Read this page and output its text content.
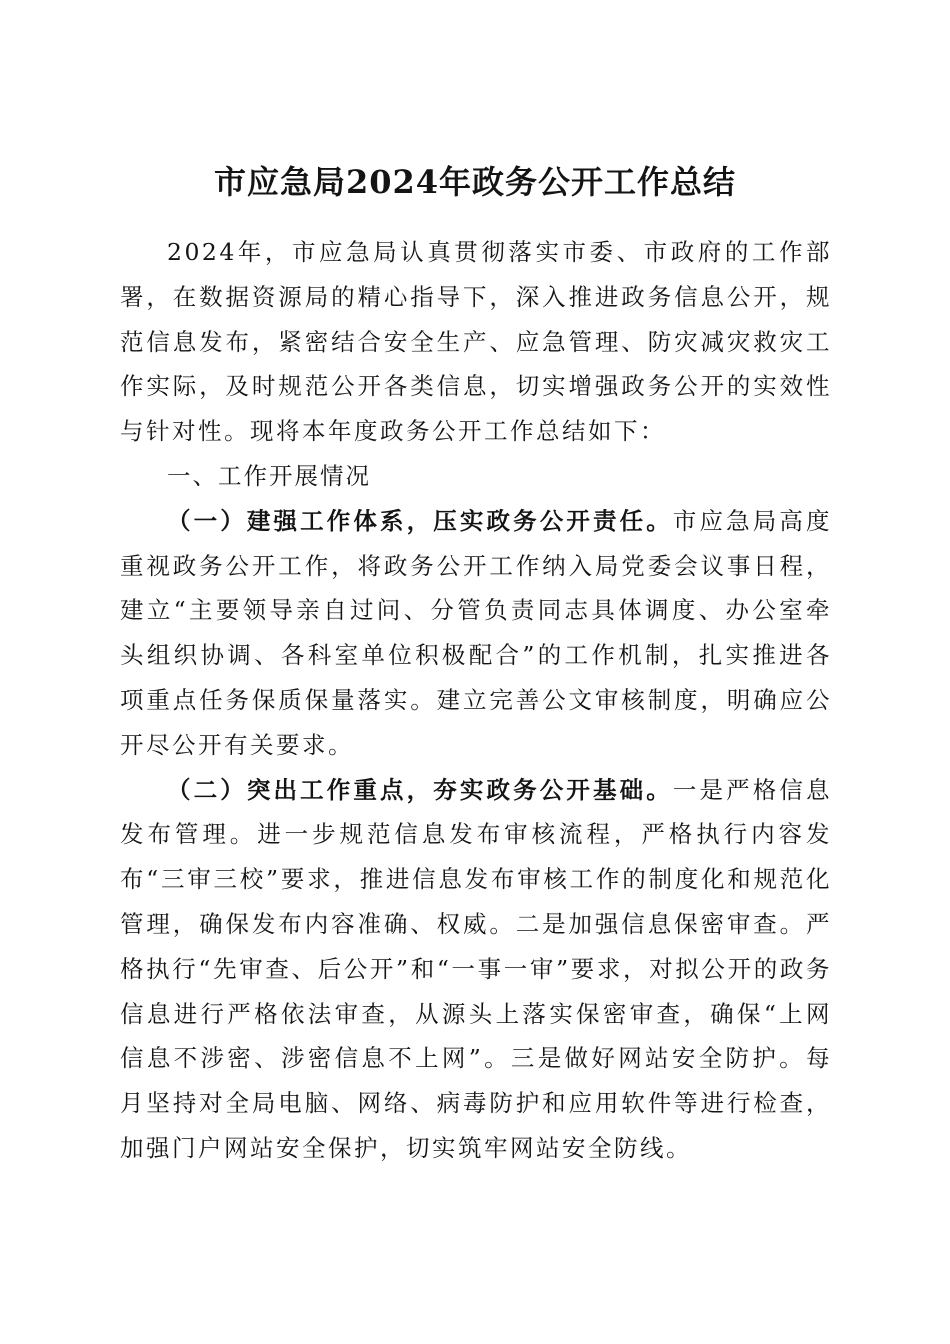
市应急局2024年政务公开工作总结

2024年，市应急局认真贯彻落实市委、市政府的工作部署，在数据资源局的精心指导下，深入推进政务信息公开，规范信息发布，紧密结合安全生产、应急管理、防灾减灾救灾工作实际，及时规范公开各类信息，切实增强政务公开的实效性与针对性。现将本年度政务公开工作总结如下：

一、工作开展情况

（一）建强工作体系，压实政务公开责任。市应急局高度重视政务公开工作，将政务公开工作纳入局党委会议事日程，建立“主要领导亲自过问、分管负责同志具体调度、办公室牵头组织协调、各科室单位积极配合”的工作机制，扎实推进各项重点任务保质保量落实。建立完善公文审核制度，明确应公开尽公开有关要求。

（二）突出工作重点，夯实政务公开基础。一是严格信息发布管理。进一步规范信息发布审核流程，严格执行内容发布“三审三校”要求，推进信息发布审核工作的制度化和规范化管理，确保发布内容准确、权威。二是加强信息保密审查。严格执行“先审查、后公开”和“一事一审”要求，对拟公开的政务信息进行严格依法审查，从源头上落实保密审查，确保“上网信息不涉密、涉密信息不上网”。三是做好网站安全防护。每月坚持对全局电脑、网络、病毒防护和应用软件等进行检查，加强门户网站安全保护，切实筑牢网站安全防线。
